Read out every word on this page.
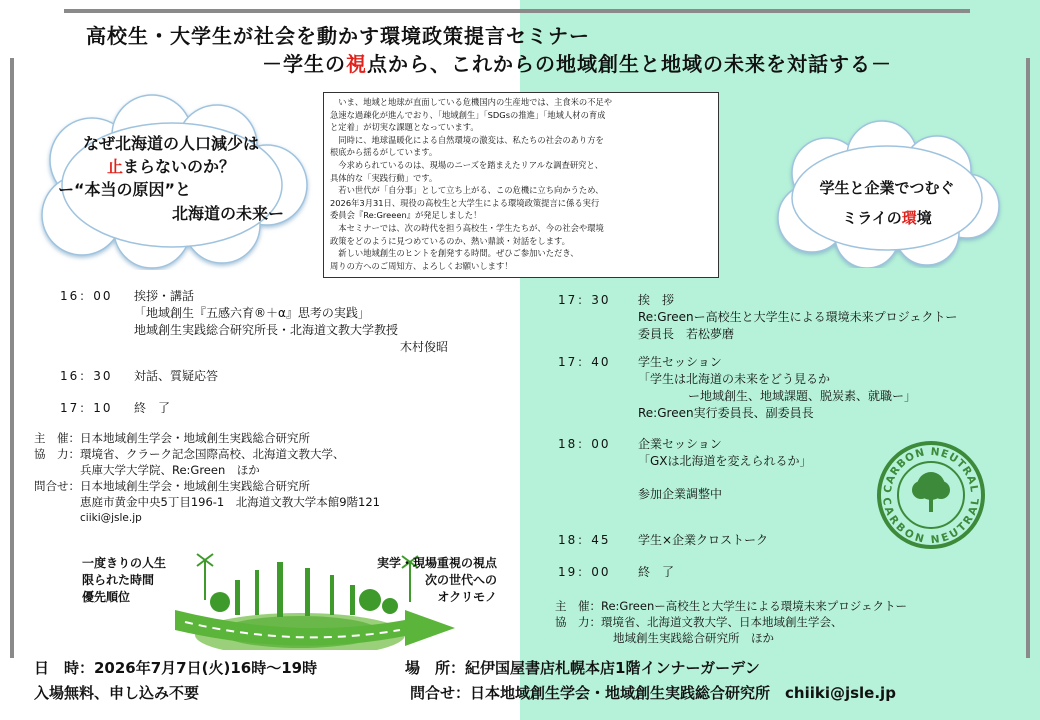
高校生・大学生が社会を動かす環境政策提言セミナー
－学生の視点から、これからの地域創生と地域の未来を対話する－
なぜ北海道の人口減少は
止まらないのか？
ー“本当の原因”と
北海道の未来ー

　いま、地域と地球が直面している危機国内の生産地では、主食米の不足や

急速な過疎化が進んでおり、「地域創生」「SDGsの推進」「地域人材の育成

と定着」が切実な課題となっています。

　同時に、地球温暖化による自然環境の激変は、私たちの社会のあり方を

根底から揺るがしています。

　今求められているのは、現場のニーズを踏まえたリアルな調査研究と、

具体的な「実践行動」です。

　若い世代が「自分事」として立ち上がる、この危機に立ち向かうため、

2026年3月31日、現役の高校生と大学生による環境政策提言に係る実行

委員会『Re:Greeen』が発足しました！

　本セミナーでは、次の時代を担う高校生・学生たちが、今の社会や環境

政策をどのように見つめているのか、熱い鼎談・対話をします。

　新しい地域創生のヒントを創発する時間。ぜひご参加いただき、

周りの方へのご周知方、よろしくお願いします！

学生と企業でつむぐ
ミライの環境
16：00 挨拶・講話
「地域創生『五感六育®＋α』思考の実践」
地域創生実践総合研究所長・北海道文教大学教授
木村俊昭
16：30 対話、質疑応答
17：10 終　了
主　催：日本地域創生学会・地域創生実践総合研究所
協　力：環境省、クラーク記念国際高校、北海道文教大学、
兵庫大学大学院、Re:Green　ほか
問合せ：日本地域創生学会・地域創生実践総合研究所
恵庭市黄金中央5丁目196-1　北海道文教大学本館9階121
ciiki@jsle.jp
一度きりの人生
限られた時間
優先順位
実学・現場重視の視点
次の世代への
オクリモノ
17：30 挨　拶
Re:Greenー高校生と大学生による環境未来プロジェクトー
委員長　若松夢磨
17：40 学生セッション
「学生は北海道の未来をどう見るか
ー地域創生、地域課題、脱炭素、就職ー」
Re:Green実行委員長、副委員長
18：00 企業セッション
「GXは北海道を変えられるか」
参加企業調整中
18：45 学生×企業クロストーク
19：00 終　了
主　催：Re:Greenー高校生と大学生による環境未来プロジェクトー
協　力：環境省、北海道文教大学、日本地域創生学会、
地域創生実践総合研究所　ほか
CARBON NEUTRAL
CARBON NEUTRAL
日　時：2026年7月7日(火)16時～19時	場　所：紀伊国屋書店札幌本店1階インナーガーデン
入場無料、申し込み不要	問合せ：日本地域創生学会・地域創生実践総合研究所　chiiki@jsle.jp
